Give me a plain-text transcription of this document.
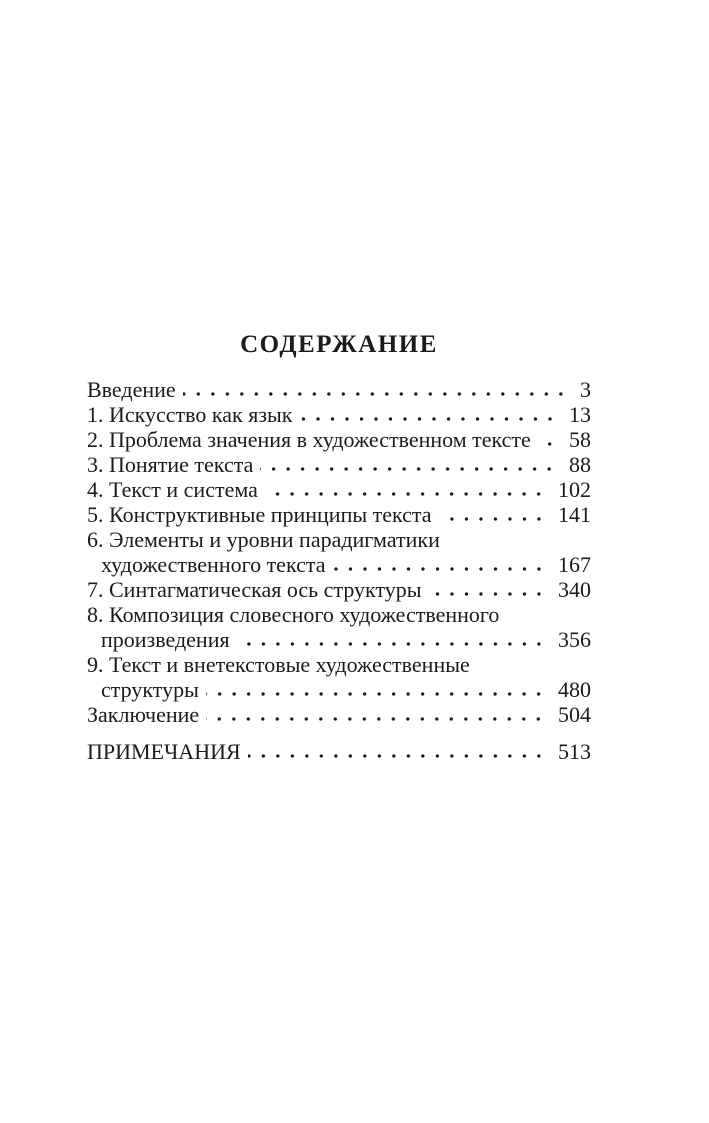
СОДЕРЖАНИЕ
Введение	3
1. Искусство как язык	13
2. Проблема значения в художественном тексте 58
3. Понятие текста	88
4. Текст и система	102
5. Конструктивные принципы текста	141
6. Элементы и уровни парадигматики
художественного текста	167
7. Синтагматическая ось структуры	340
8. Композиция словесного художественного
произведения	356
9. Текст и внетекстовые художественные
структуры	480
Заключение	504
ПРИМЕЧАНИЯ	513
